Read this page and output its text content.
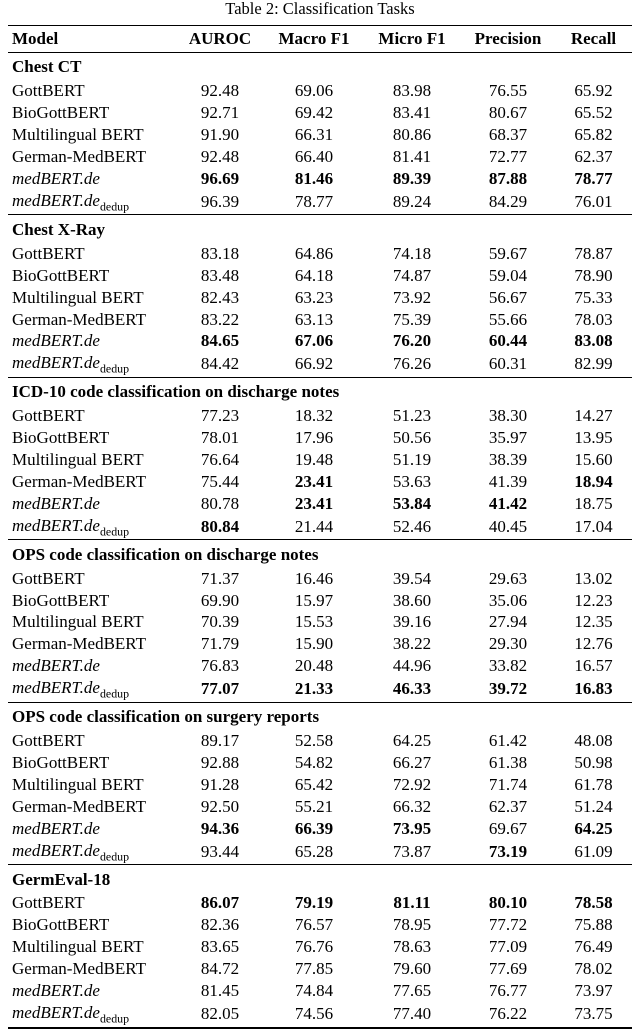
Table 2: Classification Tasks
Model	AUROC	Macro F1	Micro F1	Precision	Recall
Chest CT					
GottBERT	92.48	69.06	83.98	76.55	65.92
BioGottBERT	92.71	69.42	83.41	80.67	65.52
Multilingual BERT	91.90	66.31	80.86	68.37	65.82
German-MedBERT	92.48	66.40	81.41	72.77	62.37
medBERT.de	96.69	81.46	89.39	87.88	78.77
$medBERT.de_{dedup}$	96.39	78.77	89.24	84.29	76.01
Chest X-Ray					
GottBERT	83.18	64.86	74.18	59.67	78.87
BioGottBERT	83.48	64.18	74.87	59.04	78.90
Multilingual BERT	82.43	63.23	73.92	56.67	75.33
German-MedBERT	83.22	63.13	75.39	55.66	78.03
medBERT.de	84.65	67.06	76.20	60.44	83.08
$medBERT.de_{dedup}$	84.42	66.92	76.26	60.31	82.99
ICD-10 code classification on discharge notes					
GottBERT	77.23	18.32	51.23	38.30	14.27
BioGottBERT	78.01	17.96	50.56	35.97	13.95
Multilingual BERT	76.64	19.48	51.19	38.39	15.60
German-MedBERT	75.44	23.41	53.63	41.39	18.94
medBERT.de	80.78	23.41	53.84	41.42	18.75
$medBERT.de_{dedup}$	80.84	21.44	52.46	40.45	17.04
OPS code classification on discharge notes					
GottBERT	71.37	16.46	39.54	29.63	13.02
BioGottBERT	69.90	15.97	38.60	35.06	12.23
Multilingual BERT	70.39	15.53	39.16	27.94	12.35
German-MedBERT	71.79	15.90	38.22	29.30	12.76
medBERT.de	76.83	20.48	44.96	33.82	16.57
$medBERT.de_{dedup}$	77.07	21.33	46.33	39.72	16.83
OPS code classification on surgery reports					
GottBERT	89.17	52.58	64.25	61.42	48.08
BioGottBERT	92.88	54.82	66.27	61.38	50.98
Multilingual BERT	91.28	65.42	72.92	71.74	61.78
German-MedBERT	92.50	55.21	66.32	62.37	51.24
medBERT.de	94.36	66.39	73.95	69.67	64.25
$medBERT.de_{dedup}$	93.44	65.28	73.87	73.19	61.09
GermEval-18					
GottBERT	86.07	79.19	81.11	80.10	78.58
BioGottBERT	82.36	76.57	78.95	77.72	75.88
Multilingual BERT	83.65	76.76	78.63	77.09	76.49
German-MedBERT	84.72	77.85	79.60	77.69	78.02
medBERT.de	81.45	74.84	77.65	76.77	73.97
$medBERT.de_{dedup}$	82.05	74.56	77.40	76.22	73.75
